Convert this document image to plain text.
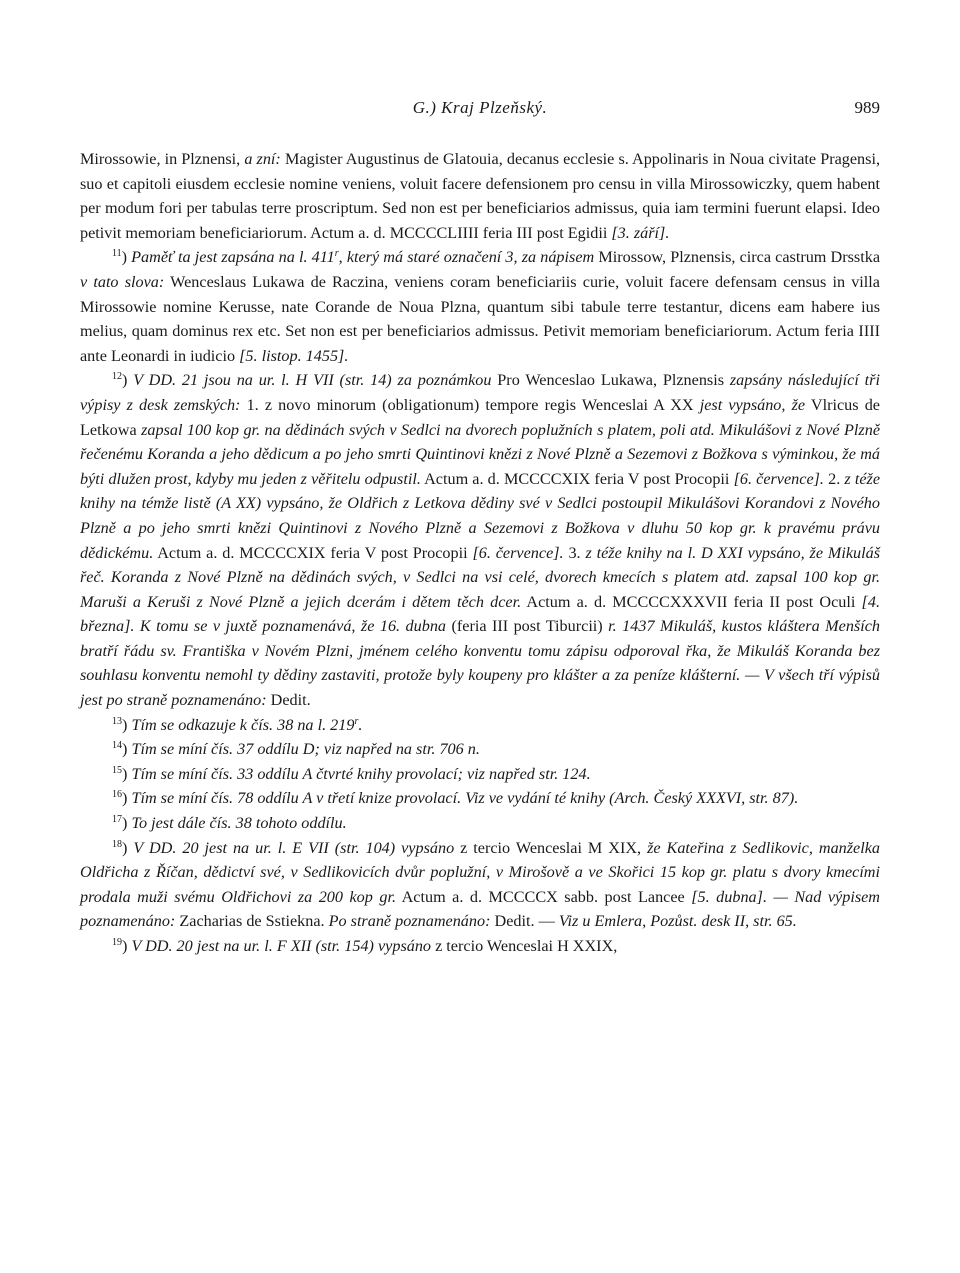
G.) Kraj Plzeňský.	989

Mirossowie, in Plznensi, a zní: Magister Augustinus de Glatouia, decanus ecclesie s. Appolinaris in Noua civitate Pragensi, suo et capitoli eiusdem ecclesie nomine veniens, voluit facere defensionem pro censu in villa Mirossowiczky, quem habent per modum fori per tabulas terre proscriptum. Sed non est per beneficiarios admissus, quia iam termini fuerunt elapsi. Ideo petivit memoriam beneficiariorum. Actum a. d. MCCCCLIIII feria III post Egidii [3. září].

$^{11}$) Paměť ta jest zapsána na l. 411$^r$, který má staré označení 3, za nápisem Mirossow, Plznensis, circa castrum Drsstka v tato slova: Wenceslaus Lukawa de Raczina, veniens coram beneficiariis curie, voluit facere defensam census in villa Mirossowie nomine Kerusse, nate Corande de Noua Plzna, quantum sibi tabule terre testantur, dicens eam habere ius melius, quam dominus rex etc. Set non est per beneficiarios admissus. Petivit memoriam beneficiariorum. Actum feria IIII ante Leonardi in iudicio [5. listop. 1455].

$^{12}$) V DD. 21 jsou na ur. l. H VII (str. 14) za poznámkou Pro Wenceslao Lukawa, Plznensis zapsány následující tři výpisy z desk zemských: 1. z novo minorum (obligationum) tempore regis Wenceslai A XX jest vypsáno, že Vlricus de Letkowa zapsal 100 kop gr. na dědinách svých v Sedlci na dvorech poplužních s platem, poli atd. Mikulášovi z Nové Plzně řečenému Korandа a jeho dědicum a po jeho smrti Quintinovi knězi z Nové Plzně a Sezemovi z Božkova s výminkou, že má býti dlužen prost, kdyby mu jeden z věřitelu odpustil. Actum a. d. MCCCCXIX feria V post Procopii [6. července]. 2. z téže knihy na témže listě (A XX) vypsáno, že Oldřich z Letkova dědiny své v Sedlci postoupil Mikulášovi Korandovi z Nového Plzně a po jeho smrti knězi Quintinovi z Nového Plzně a Sezemovi z Božkova v dluhu 50 kop gr. k pravému právu dědickému. Actum a. d. MCCCCXIX feria V post Procopii [6. července]. 3. z téže knihy na l. D XXI vypsáno, že Mikuláš řeč. Koranda z Nové Plzně na dědinách svých, v Sedlci na vsi celé, dvorech kmecích s platem atd. zapsal 100 kop gr. Maruši a Keruši z Nové Plzně a jejich dcerám i dětem těch dcer. Actum a. d. MCCCCXXXVII feria II post Oculi [4. března]. K tomu se v juxtě poznamenává, že 16. dubna (feria III post Tiburcii) r. 1437 Mikuláš, kustos kláštera Menších bratří řádu sv. Františka v Novém Plzni, jménem celého konventu tomu zápisu odporoval řka, že Mikuláš Koranda bez souhlasu konventu nemohl ty dědiny zastaviti, protože byly koupeny pro klášter a za peníze klášterní. — V všech tří výpisů jest po straně poznamenáno: Dedit.

$^{13}$) Tím se odkazuje k čís. 38 na l. 219$^r$.

$^{14}$) Tím se míní čís. 37 oddílu D; viz napřed na str. 706 n.

$^{15}$) Tím se míní čís. 33 oddílu A čtvrté knihy provolací; viz napřed str. 124.

$^{16}$) Tím se míní čís. 78 oddílu A v třetí knize provolací. Viz ve vydání té knihy (Arch. Český XXXVI, str. 87).

$^{17}$) To jest dále čís. 38 tohoto oddílu.

$^{18}$) V DD. 20 jest na ur. l. E VII (str. 104) vypsáno z tercio Wenceslai M XIX, že Kateřina z Sedlikovic, manželka Oldřicha z Říčan, dědictví své, v Sedlikovicích dvůr poplužní, v Mirošově a ve Skořici 15 kop gr. platu s dvory kmecími prodala muži svému Oldřichovi za 200 kop gr. Actum a. d. MCCCCX sabb. post Lancee [5. dubna]. — Nad výpisem poznamenáno: Zacharias de Sstiekna. Po straně poznamenáno: Dedit. — Viz u Emlera, Pozůst. desk II, str. 65.

$^{19}$) V DD. 20 jest na ur. l. F XII (str. 154) vypsáno z tercio Wenceslai H XXIX,
